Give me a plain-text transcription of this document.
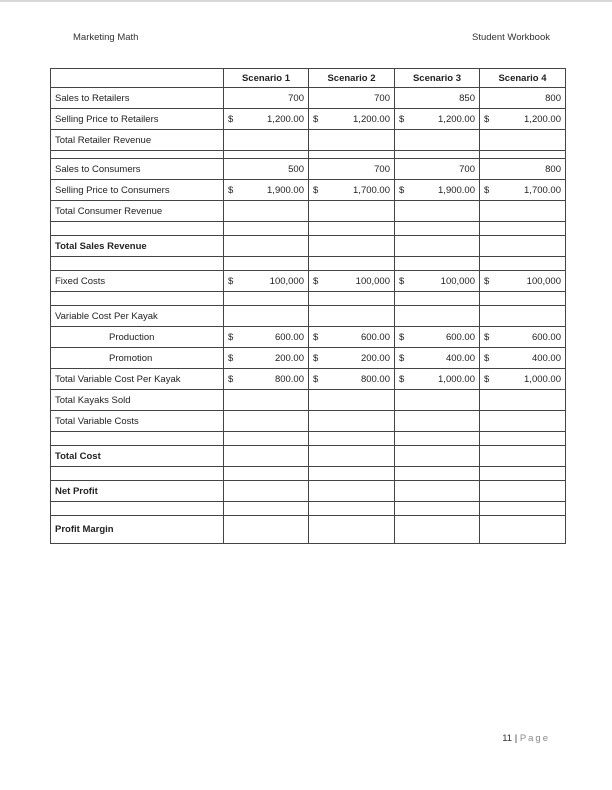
Marketing Math	Student Workbook
	Scenario 1	Scenario 2	Scenario 3	Scenario 4
Sales to Retailers	700	700	850	800
Selling Price to Retailers	$ 1,200.00	$ 1,200.00	$ 1,200.00	$ 1,200.00

Total Retailer Revenue				

Sales to Consumers	500	700	700	800
Selling Price to Consumers	$ 1,900.00	$ 1,700.00	$ 1,900.00	$ 1,700.00

Total Consumer Revenue				

Total Sales Revenue				

Fixed Costs	$ 100,000	$ 100,000	$ 100,000	$ 100,000

Variable Cost Per Kayak				
Production	$ 600.00	$ 600.00	$ 600.00	$ 600.00

Promotion	$ 200.00	$ 200.00	$ 400.00	$ 400.00

Total Variable Cost Per Kayak	$ 800.00	$ 800.00	$ 1,000.00	$ 1,000.00

Total Kayaks Sold				
Total Variable Costs				

Total Cost				

Net Profit				

Profit Margin				
11 | Page
